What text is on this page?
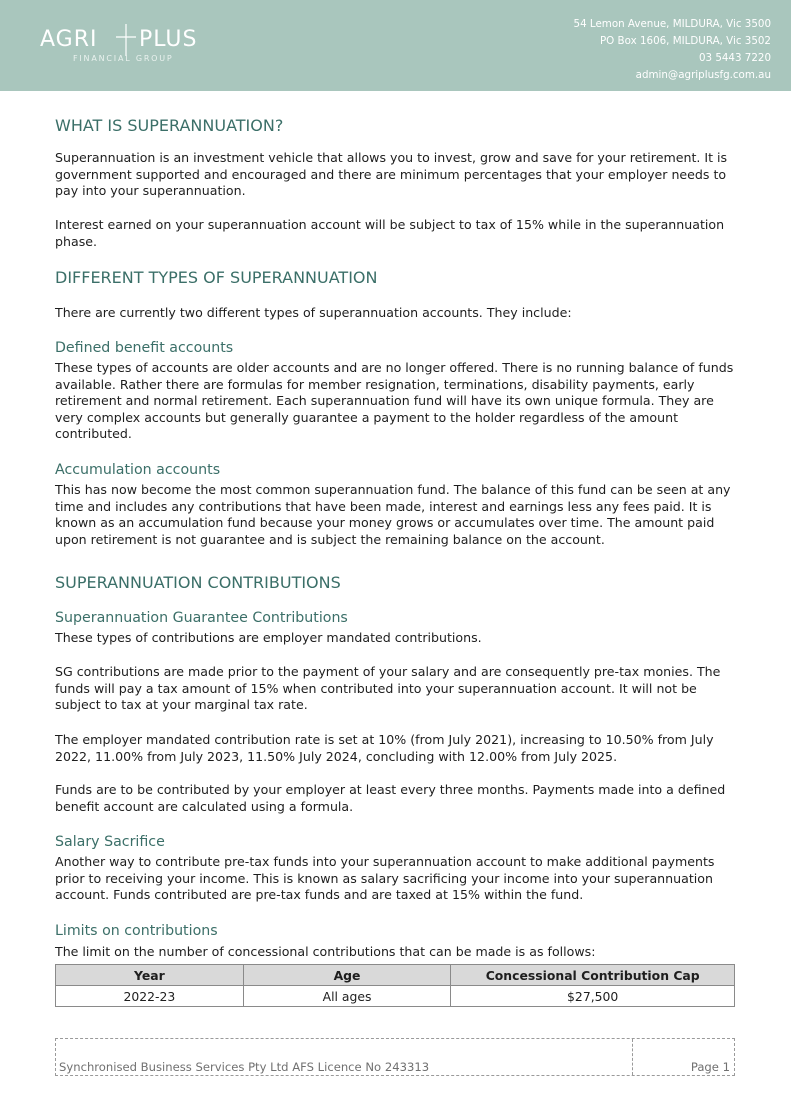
AGRI PLUS
FINANCIAL GROUP
54 Lemon Avenue, MILDURA, Vic 3500
PO Box 1606, MILDURA, Vic 3502
03 5443 7220
admin@agriplusfg.com.au
WHAT IS SUPERANNUATION?
Superannuation is an investment vehicle that allows you to invest, grow and save for your retirement. It is government supported and encouraged and there are minimum percentages that your employer needs to pay into your superannuation.
Interest earned on your superannuation account will be subject to tax of 15% while in the superannuation phase.
DIFFERENT TYPES OF SUPERANNUATION
There are currently two different types of superannuation accounts. They include:
Defined benefit accounts
These types of accounts are older accounts and are no longer offered. There is no running balance of funds available. Rather there are formulas for member resignation, terminations, disability payments, early retirement and normal retirement. Each superannuation fund will have its own unique formula. They are very complex accounts but generally guarantee a payment to the holder regardless of the amount contributed.
Accumulation accounts
This has now become the most common superannuation fund. The balance of this fund can be seen at any time and includes any contributions that have been made, interest and earnings less any fees paid. It is known as an accumulation fund because your money grows or accumulates over time. The amount paid upon retirement is not guarantee and is subject the remaining balance on the account.
SUPERANNUATION CONTRIBUTIONS
Superannuation Guarantee Contributions
These types of contributions are employer mandated contributions.
SG contributions are made prior to the payment of your salary and are consequently pre-tax monies. The funds will pay a tax amount of 15% when contributed into your superannuation account. It will not be subject to tax at your marginal tax rate.
The employer mandated contribution rate is set at 10% (from July 2021), increasing to 10.50% from July 2022, 11.00% from July 2023, 11.50% July 2024, concluding with 12.00% from July 2025.
Funds are to be contributed by your employer at least every three months. Payments made into a defined benefit account are calculated using a formula.
Salary Sacrifice
Another way to contribute pre-tax funds into your superannuation account to make additional payments prior to receiving your income. This is known as salary sacrificing your income into your superannuation account. Funds contributed are pre-tax funds and are taxed at 15% within the fund.
Limits on contributions
The limit on the number of concessional contributions that can be made is as follows:
Year	Age	Concessional Contribution Cap
2022-23	All ages	$27,500
Synchronised Business Services Pty Ltd AFS Licence No 243313	Page 1
